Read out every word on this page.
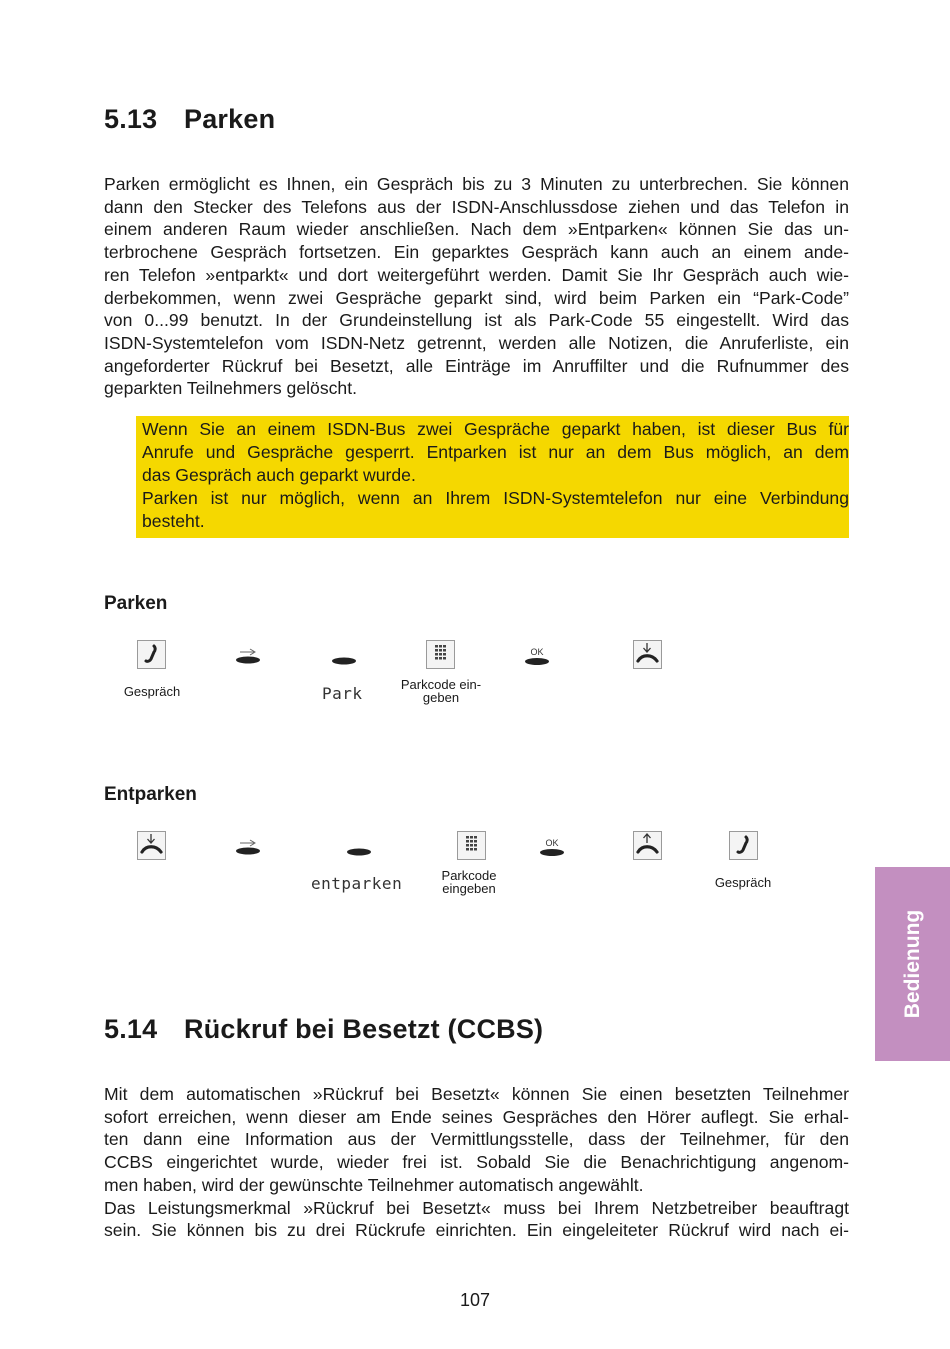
5.13 Parken
Parken ermöglicht es Ihnen, ein Gespräch bis zu 3 Minuten zu unterbrechen. Sie können
dann den Stecker des Telefons aus der ISDN-Anschlussdose ziehen und das Telefon in
einem anderen Raum wieder anschließen. Nach dem »Entparken« können Sie das un-
terbrochene Gespräch fortsetzen. Ein geparktes Gespräch kann auch an einem ande-
ren Telefon »entparkt« und dort weitergeführt werden. Damit Sie Ihr Gespräch auch wie-
derbekommen, wenn zwei Gespräche geparkt sind, wird beim Parken ein “Park-Code”
von 0...99 benutzt. In der Grundeinstellung ist als Park-Code 55 eingestellt. Wird das
ISDN-Systemtelefon vom ISDN-Netz getrennt, werden alle Notizen, die Anruferliste, ein
angeforderter Rückruf bei Besetzt, alle Einträge im Anruffilter und die Rufnummer des
geparkten Teilnehmers gelöscht.
Wenn Sie an einem ISDN-Bus zwei Gespräche geparkt haben, ist dieser Bus für
Anrufe und Gespräche gesperrt. Entparken ist nur an dem Bus möglich, an dem
das Gespräch auch geparkt wurde.
Parken ist nur möglich, wenn an Ihrem ISDN-Systemtelefon nur eine Verbindung
besteht.
Parken
Gespräch	Park	Parkcode ein-
geben
OK
Entparken
entparken	Parkcode
eingeben
OK
Gespräch
Bedienung
5.14 Rückruf bei Besetzt (CCBS)
Mit dem automatischen »Rückruf bei Besetzt« können Sie einen besetzten Teilnehmer
sofort erreichen, wenn dieser am Ende seines Gespräches den Hörer auflegt. Sie erhal-
ten dann eine Information aus der Vermittlungsstelle, dass der Teilnehmer, für den
CCBS eingerichtet wurde, wieder frei ist. Sobald Sie die Benachrichtigung angenom-
men haben, wird der gewünschte Teilnehmer automatisch angewählt.
Das Leistungsmerkmal »Rückruf bei Besetzt« muss bei Ihrem Netzbetreiber beauftragt
sein. Sie können bis zu drei Rückrufe einrichten. Ein eingeleiteter Rückruf wird nach ei-
107
